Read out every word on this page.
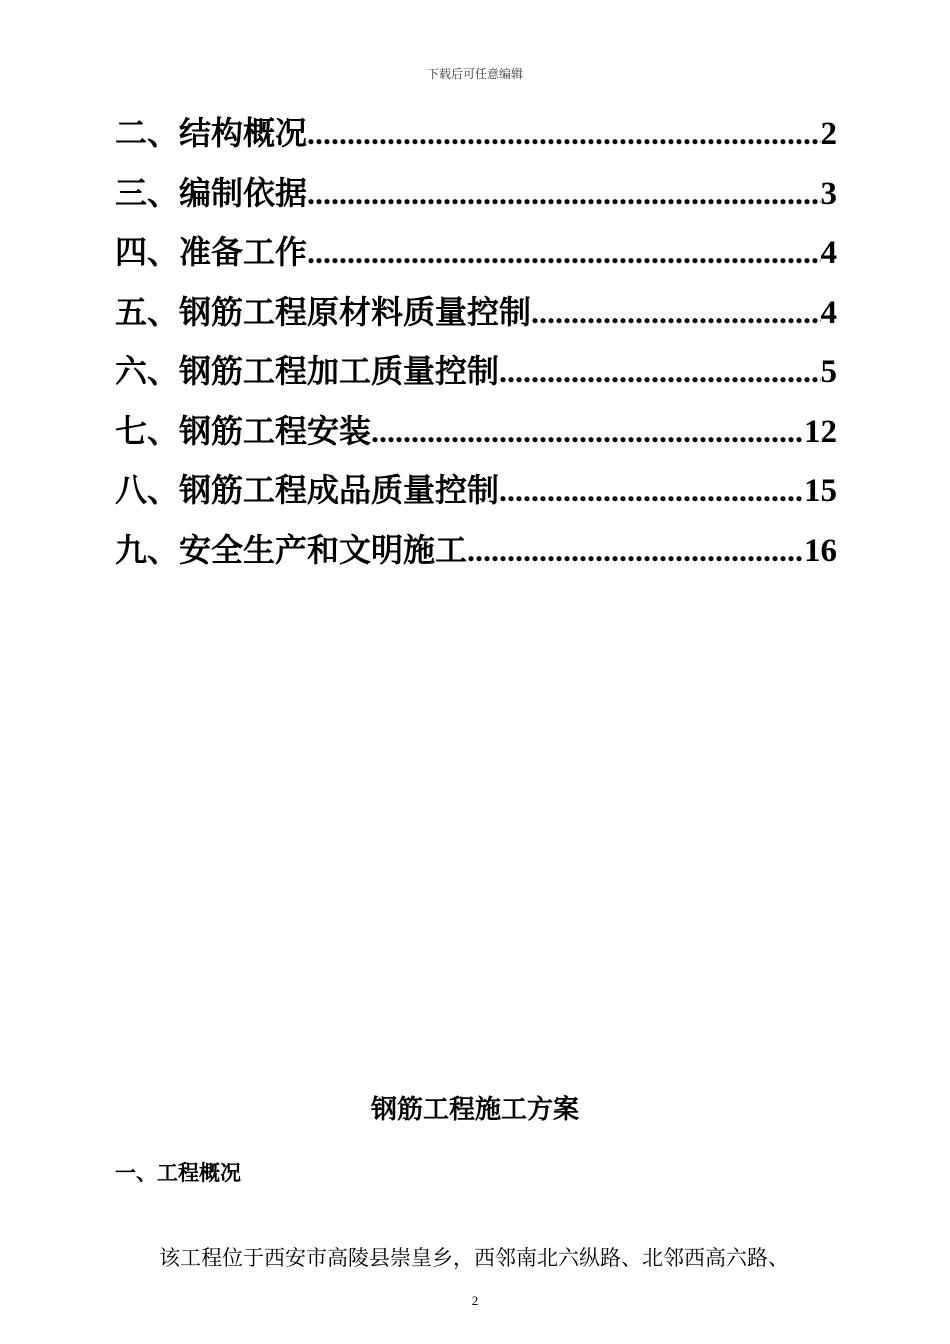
下载后可任意编辑
二、结构概况 .....	2
三、编制依据 .....	3
四、准备工作 .....	4
五、钢筋工程原材料质量控制 .....	4
六、钢筋工程加工质量控制 .....	5
七、钢筋工程安装 .....	12
八、钢筋工程成品质量控制 .....	15
九、安全生产和文明施工 .....	16
钢筋工程施工方案
一、工程概况
该工程位于西安市高陵县崇皇乡，西邻南北六纵路、北邻西高六路、
2
